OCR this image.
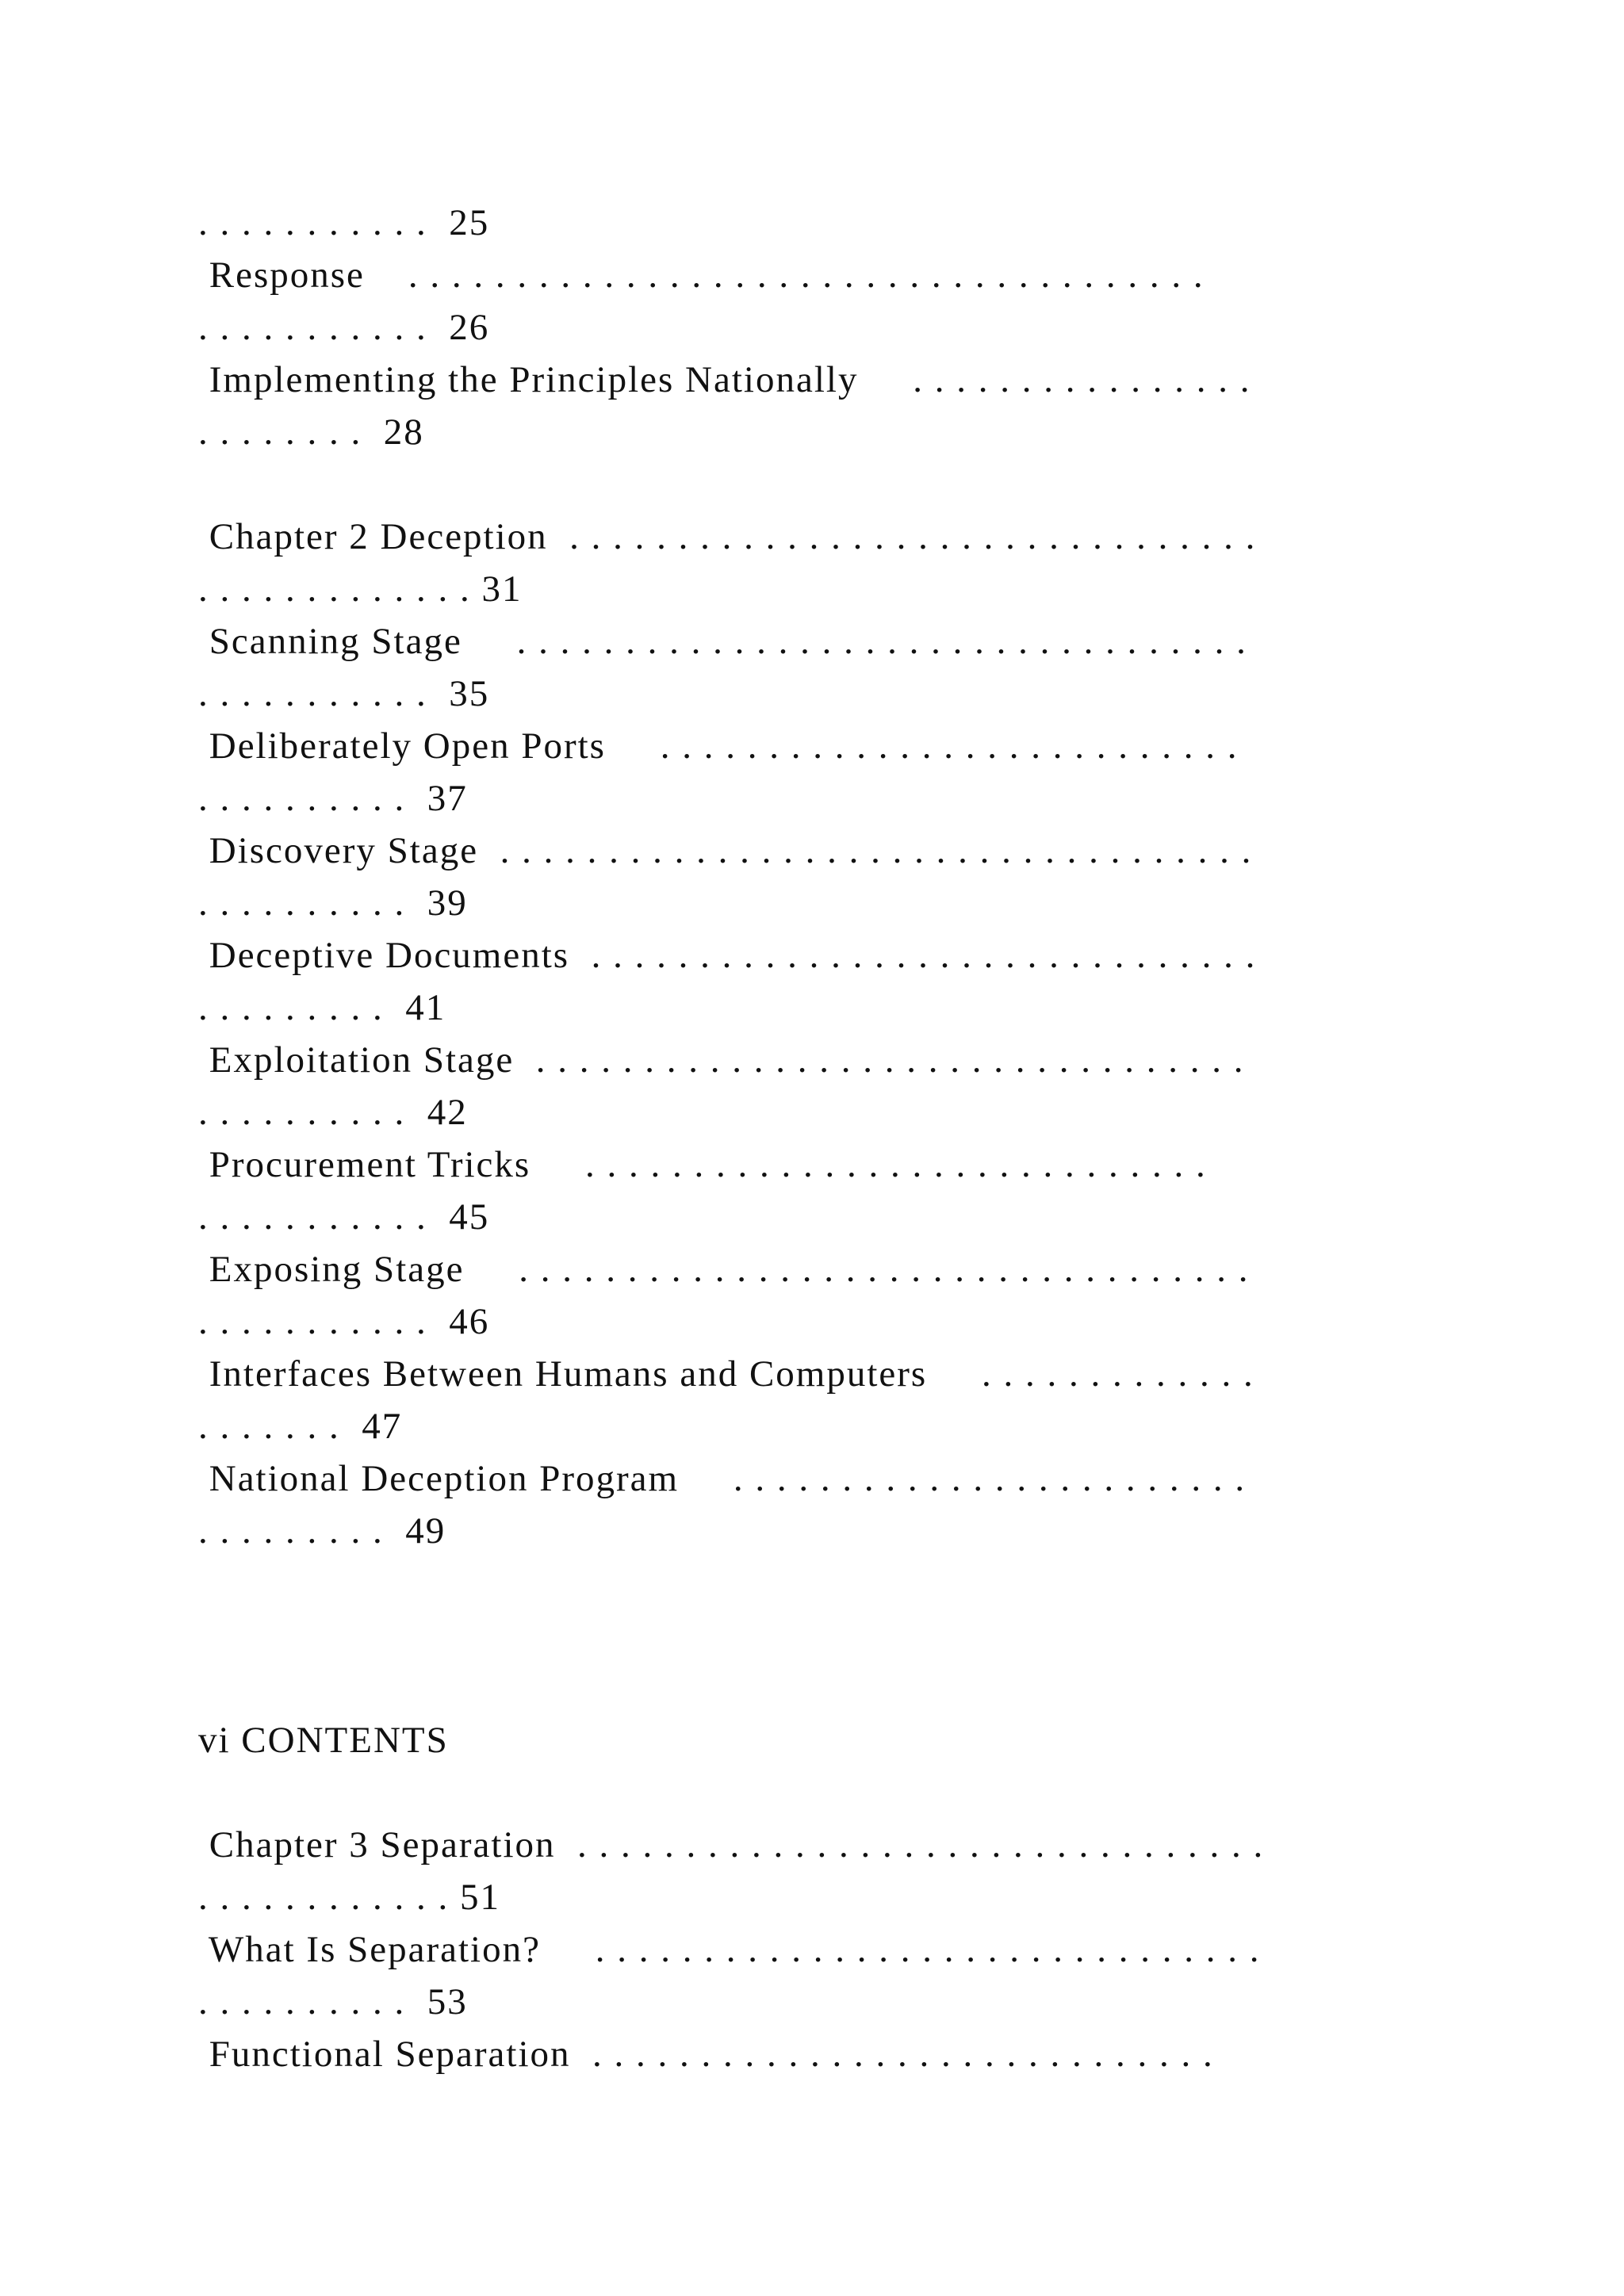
. . . . . . . . . . .  25
Response    . . . . . . . . . . . . . . . . . . . . . . . . . . . . . . . . . . . . .
. . . . . . . . . . .  26
Implementing the Principles Nationally     . . . . . . . . . . . . . . . .
. . . . . . . .  28
Chapter 2 Deception  . . . . . . . . . . . . . . . . . . . . . . . . . . . . . . . .
. . . . . . . . . . . . . 31
Scanning Stage     . . . . . . . . . . . . . . . . . . . . . . . . . . . . . . . . . .
. . . . . . . . . . .  35
Deliberately Open Ports     . . . . . . . . . . . . . . . . . . . . . . . . . . .
. . . . . . . . . .  37
Discovery Stage  . . . . . . . . . . . . . . . . . . . . . . . . . . . . . . . . . . .
. . . . . . . . . .  39
Deceptive Documents  . . . . . . . . . . . . . . . . . . . . . . . . . . . . . . .
. . . . . . . . .  41
Exploitation Stage  . . . . . . . . . . . . . . . . . . . . . . . . . . . . . . . . .
. . . . . . . . . .  42
Procurement Tricks     . . . . . . . . . . . . . . . . . . . . . . . . . . . . .
. . . . . . . . . . .  45
Exposing Stage     . . . . . . . . . . . . . . . . . . . . . . . . . . . . . . . . . .
. . . . . . . . . . .  46
Interfaces Between Humans and Computers     . . . . . . . . . . . . .
. . . . . . .  47
National Deception Program     . . . . . . . . . . . . . . . . . . . . . . . .
. . . . . . . . .  49
vi CONTENTS
Chapter 3 Separation  . . . . . . . . . . . . . . . . . . . . . . . . . . . . . . . .
. . . . . . . . . . . . 51
What Is Separation?     . . . . . . . . . . . . . . . . . . . . . . . . . . . . . . .
. . . . . . . . . .  53
Functional Separation  . . . . . . . . . . . . . . . . . . . . . . . . . . . . .
